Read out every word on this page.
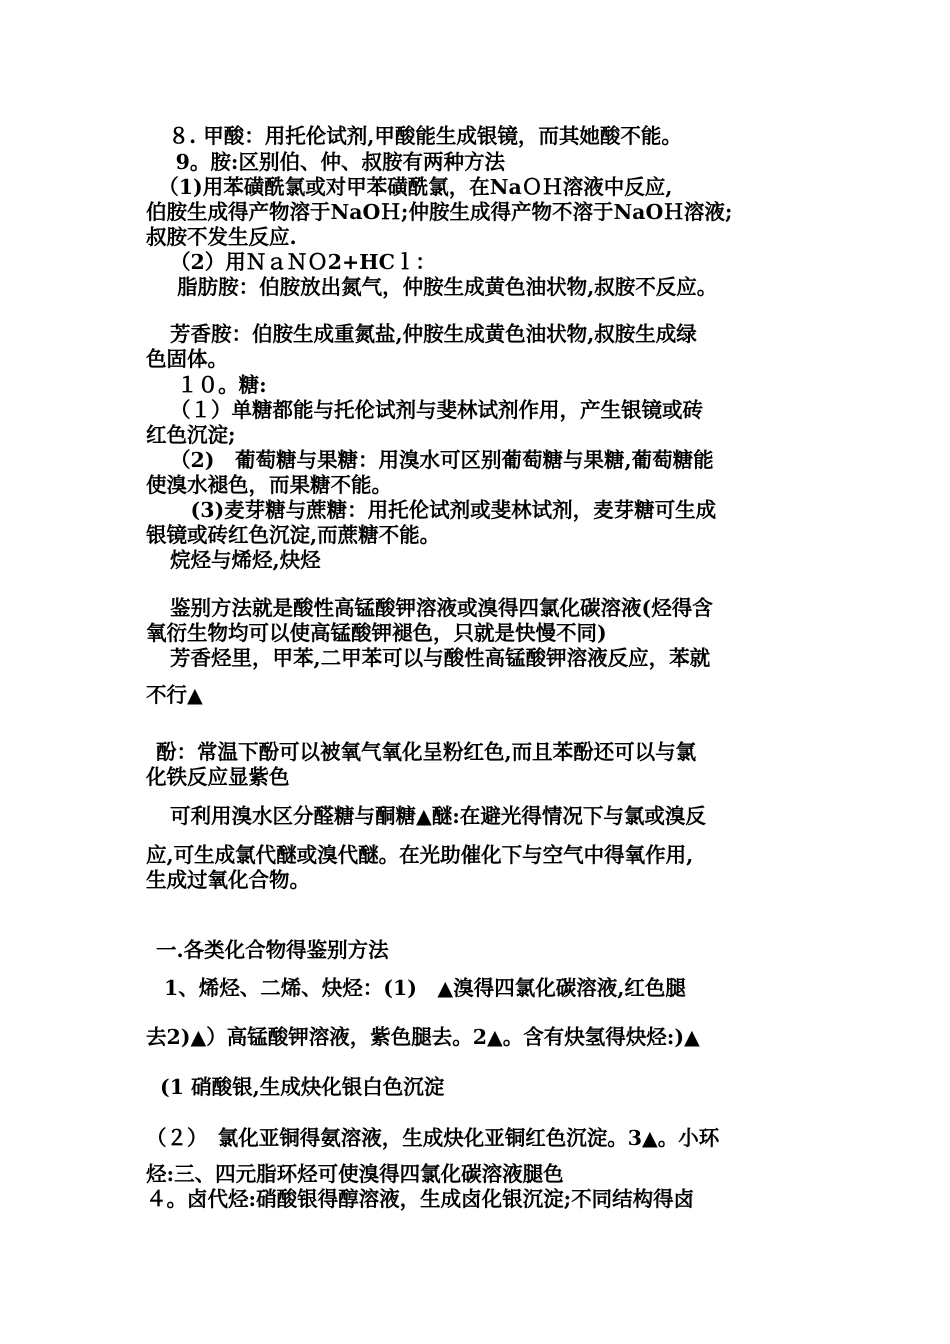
　８. 甲酸：用托伦试剂,甲酸能生成银镜，而其她酸不能。
　 9。胺:区别伯、仲、叔胺有两种方法
　（1)用苯磺酰氯或对甲苯磺酰氯，在NaＯＨ溶液中反应,
伯胺生成得产物溶于NaOＨ;仲胺生成得产物不溶于NaOＨ溶液;
叔胺不发生反应.
（2）用ＮａＮＯ2+HCｌ：
脂肪胺：伯胺放出氮气，仲胺生成黄色油状物,叔胺不反应。
芳香胺：伯胺生成重氮盐,仲胺生成黄色油状物,叔胺生成绿
色固体。
１０。糖:
（１）单糖都能与托伦试剂与斐林试剂作用，产生银镜或砖
红色沉淀;
（2)　葡萄糖与果糖：用溴水可区别葡萄糖与果糖,葡萄糖能
使溴水褪色，而果糖不能。
　(3)麦芽糖与蔗糖：用托伦试剂或斐林试剂，麦芽糖可生成
银镜或砖红色沉淀,而蔗糖不能。
烷烃与烯烃,炔烃
鉴别方法就是酸性高锰酸钾溶液或溴得四氯化碳溶液(烃得含
氧衍生物均可以使高锰酸钾褪色，只就是快慢不同)
芳香烃里，甲苯,二甲苯可以与酸性高锰酸钾溶液反应，苯就
不行▲
酚：常温下酚可以被氧气氧化呈粉红色,而且苯酚还可以与氯
化铁反应显紫色
可利用溴水区分醛糖与酮糖▲醚:在避光得情况下与氯或溴反
应,可生成氯代醚或溴代醚。在光助催化下与空气中得氧作用,
生成过氧化合物。
一.各类化合物得鉴别方法
1、烯烃、二烯、炔烃：(1)　▲溴得四氯化碳溶液,红色腿
去2)▲）高锰酸钾溶液，紫色腿去。2▲。含有炔氢得炔烃:)▲
(1 硝酸银,生成炔化银白色沉淀
（２）　氯化亚铜得氨溶液，生成炔化亚铜红色沉淀。3▲。小环
烃:三、四元脂环烃可使溴得四氯化碳溶液腿色
４。卤代烃:硝酸银得醇溶液，生成卤化银沉淀;不同结构得卤
